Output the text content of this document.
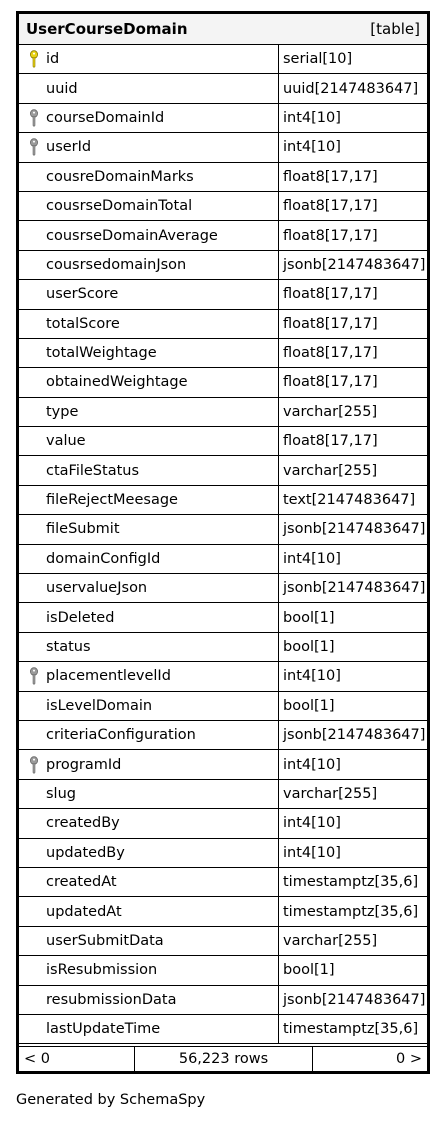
UserCourseDomain	[table]
id	serial[10]
uuid	uuid[2147483647]
courseDomainId	int4[10]
userId	int4[10]
cousreDomainMarks	float8[17,17]
cousrseDomainTotal	float8[17,17]
cousrseDomainAverage	float8[17,17]
cousrsedomainJson	jsonb[2147483647]
userScore	float8[17,17]
totalScore	float8[17,17]
totalWeightage	float8[17,17]
obtainedWeightage	float8[17,17]
type	varchar[255]
value	float8[17,17]
ctaFileStatus	varchar[255]
fileRejectMeesage	text[2147483647]
fileSubmit	jsonb[2147483647]
domainConfigId	int4[10]
uservalueJson	jsonb[2147483647]
isDeleted	bool[1]
status	bool[1]
placementlevelId	int4[10]
isLevelDomain	bool[1]
criteriaConfiguration	jsonb[2147483647]
programId	int4[10]
slug	varchar[255]
createdBy	int4[10]
updatedBy	int4[10]
createdAt	timestamptz[35,6]
updatedAt	timestamptz[35,6]
userSubmitData	varchar[255]
isResubmission	bool[1]
resubmissionData	jsonb[2147483647]
lastUpdateTime	timestamptz[35,6]
< 0	56,223 rows	0 >
Generated by SchemaSpy
